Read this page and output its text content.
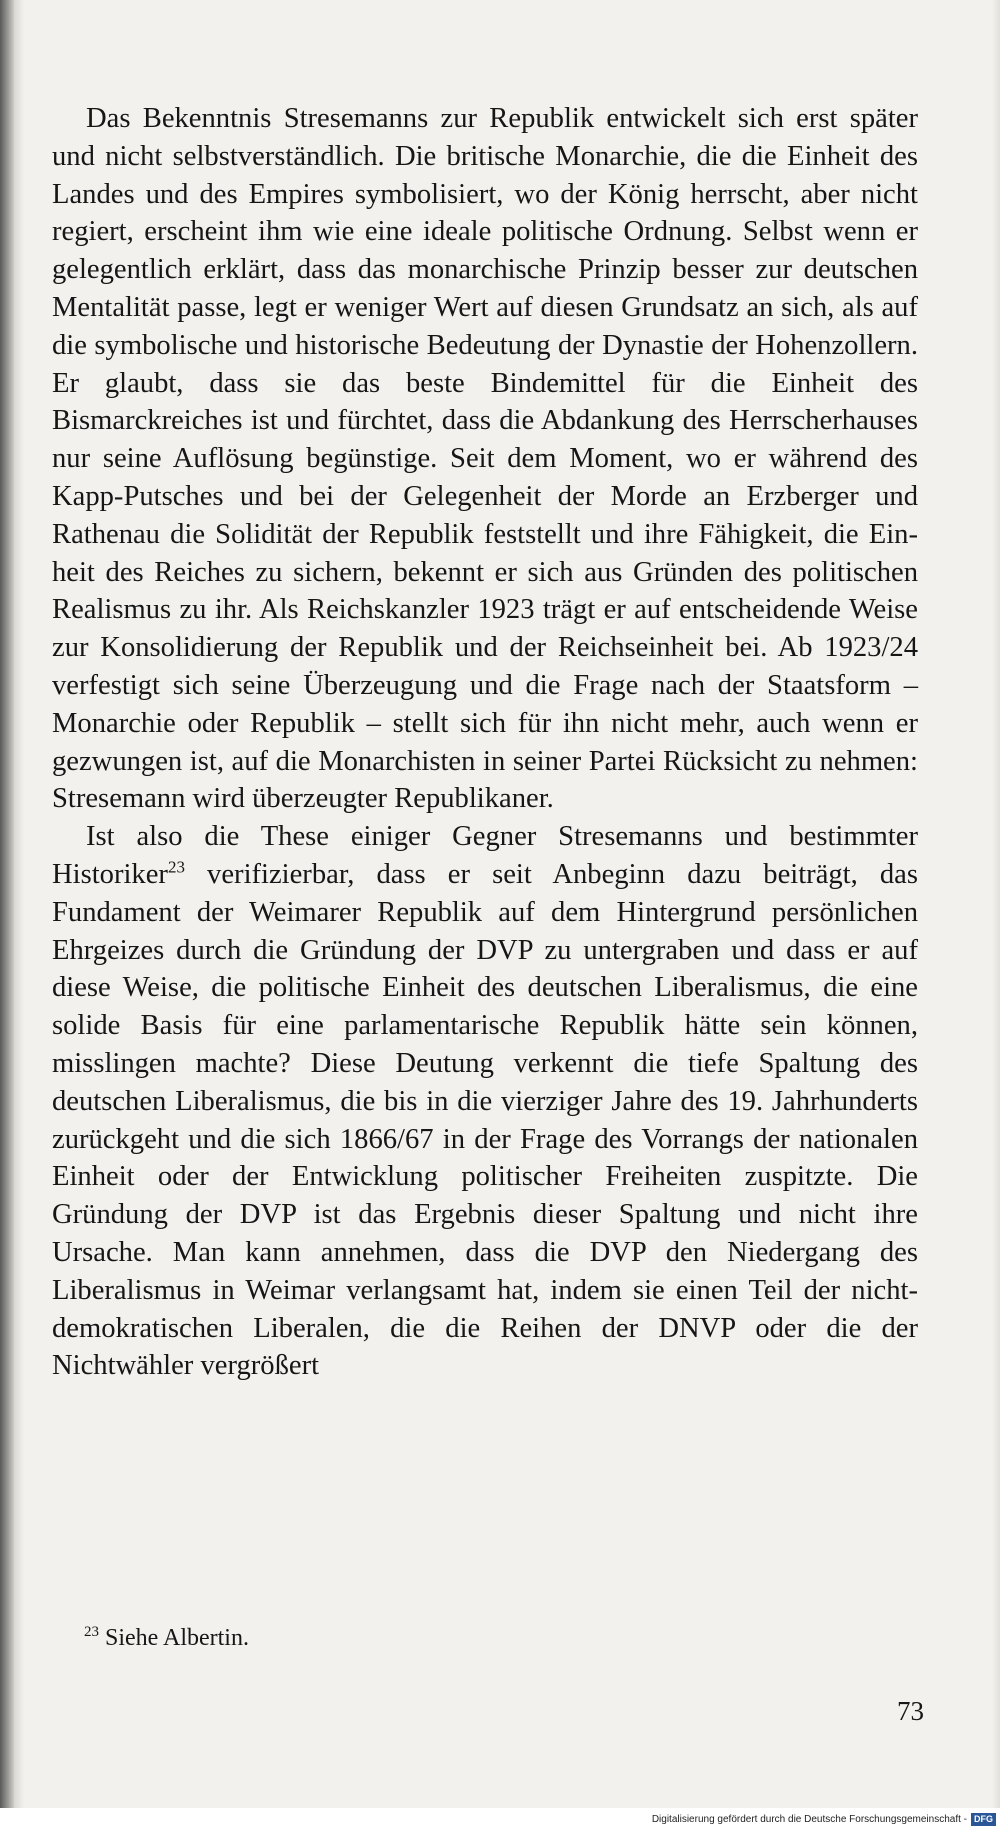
Das Bekenntnis Stresemanns zur Republik entwickelt sich erst später und nicht selbstverständlich. Die britische Monarchie, die die Einheit des Landes und des Empires symbolisiert, wo der König herrscht, aber nicht regiert, erscheint ihm wie eine ideale politische Ordnung. Selbst wenn er gelegentlich erklärt, dass das monarchische Prinzip besser zur deutschen Mentalität passe, legt er weniger Wert auf diesen Grundsatz an sich, als auf die symbolische und historische Bedeutung der Dynastie der Hohenzollern. Er glaubt, dass sie das beste Bindemittel für die Einheit des Bismarckreiches ist und fürchtet, dass die Abdankung des Herrscherhauses nur seine Auflösung begünstige. Seit dem Moment, wo er während des Kapp-Putsches und bei der Gelegenheit der Morde an Erzberger und Rathenau die Solidität der Republik feststellt und ihre Fähigkeit, die Einheit des Reiches zu sichern, bekennt er sich aus Gründen des politischen Realismus zu ihr. Als Reichskanzler 1923 trägt er auf entscheidende Weise zur Konsolidierung der Republik und der Reichseinheit bei. Ab 1923/24 verfestigt sich seine Überzeugung und die Frage nach der Staatsform – Monarchie oder Republik – stellt sich für ihn nicht mehr, auch wenn er gezwungen ist, auf die Monarchisten in seiner Partei Rücksicht zu nehmen: Stresemann wird überzeugter Republikaner.

Ist also die These einiger Gegner Stresemanns und bestimmter Historiker$^{23}$ verifizierbar, dass er seit Anbeginn dazu beiträgt, das Fundament der Weimarer Republik auf dem Hintergrund persönlichen Ehrgeizes durch die Gründung der DVP zu untergraben und dass er auf diese Weise, die politische Einheit des deutschen Liberalismus, die eine solide Basis für eine parlamentarische Republik hätte sein können, misslingen machte? Diese Deutung verkennt die tiefe Spaltung des deutschen Liberalismus, die bis in die vierziger Jahre des 19. Jahrhunderts zurückgeht und die sich 1866/67 in der Frage des Vorrangs der nationalen Einheit oder der Entwicklung politischer Freiheiten zuspitzte. Die Gründung der DVP ist das Ergebnis dieser Spaltung und nicht ihre Ursache. Man kann annehmen, dass die DVP den Niedergang des Liberalismus in Weimar verlangsamt hat, indem sie einen Teil der nicht-demokratischen Liberalen, die die Reihen der DNVP oder die der Nichtwähler vergrößert

$^{23}$ Siehe Albertin.

73
Digitalisierung gefördert durch die Deutsche Forschungsgemeinschaft - DFG
